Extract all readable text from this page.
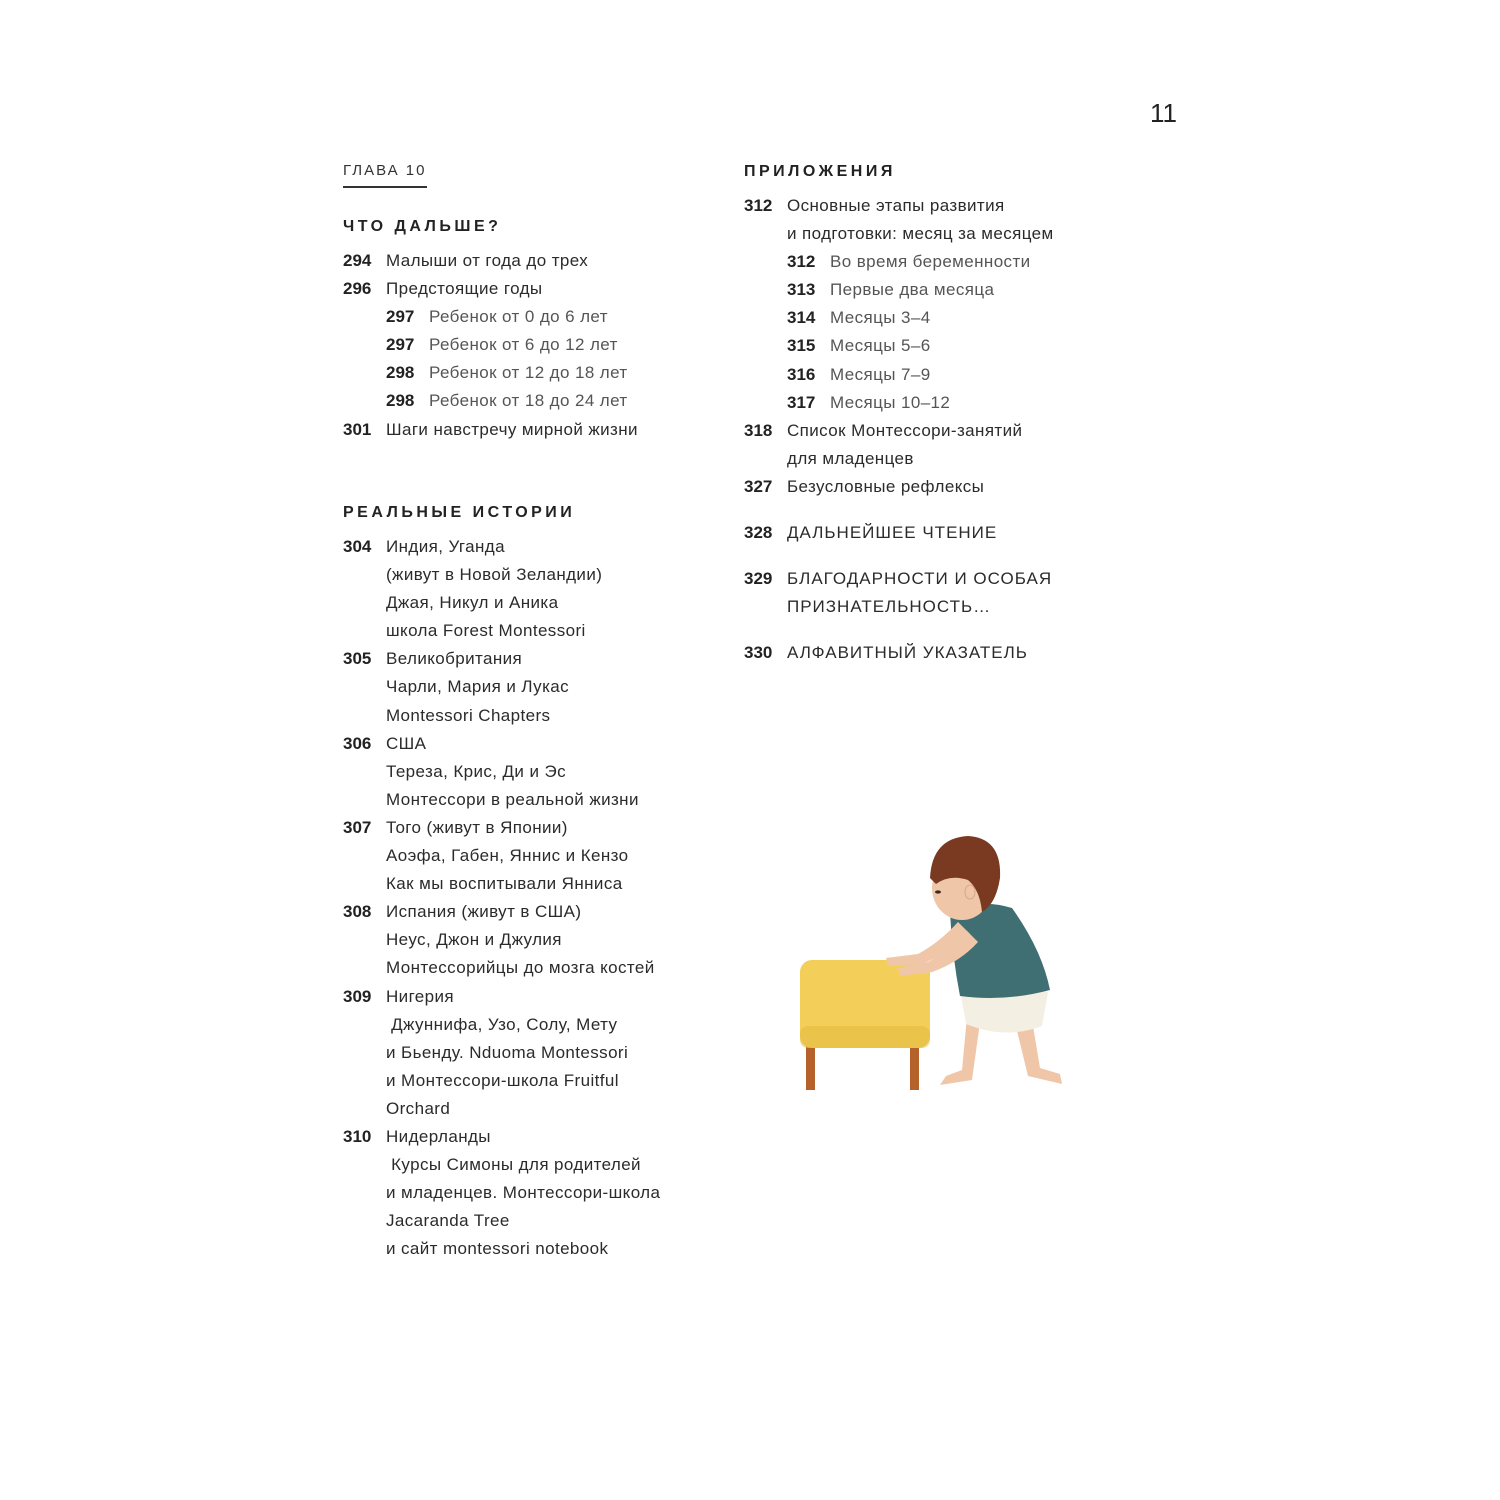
11
ГЛАВА 10
ЧТО ДАЛЬШЕ?
294 Малыши от года до трех
296 Предстоящие годы
297 Ребенок от 0 до 6 лет
297 Ребенок от 6 до 12 лет
298 Ребенок от 12 до 18 лет
298 Ребенок от 18 до 24 лет
301 Шаги навстречу мирной жизни
РЕАЛЬНЫЕ ИСТОРИИ
304 Индия, Уганда
(живут в Новой Зеландии)
Джая, Никул и Аника
школа Forest Montessori
305 Великобритания
Чарли, Мария и Лукас
Montessori Chapters
306 США
Тереза, Крис, Ди и Эс
Монтессори в реальной жизни
307 Того (живут в Японии)
Аоэфа, Габен, Яннис и Кензо
Как мы воспитывали Янниса
308 Испания (живут в США)
Неус, Джон и Джулия
Монтессорийцы до мозга костей
309 Нигерия
Джуннифа, Узо, Солу, Мету
и Бьенду. Nduoma Montessori
и Монтессори-школа Fruitful
Orchard
310 Нидерланды
Курсы Симоны для родителей
и младенцев. Монтессори-школа
Jacaranda Tree
и сайт montessori notebook
ПРИЛОЖЕНИЯ
312 Основные этапы развития
и подготовки: месяц за месяцем
312 Во время беременности
313 Первые два месяца
314 Месяцы 3–4
315 Месяцы 5–6
316 Месяцы 7–9
317 Месяцы 10–12
318 Список Монтессори-занятий
для младенцев
327 Безусловные рефлексы
328 ДАЛЬНЕЙШЕЕ ЧТЕНИЕ
329 БЛАГОДАРНОСТИ И ОСОБАЯ
ПРИЗНАТЕЛЬНОСТЬ…
330 АЛФАВИТНЫЙ УКАЗАТЕЛЬ
